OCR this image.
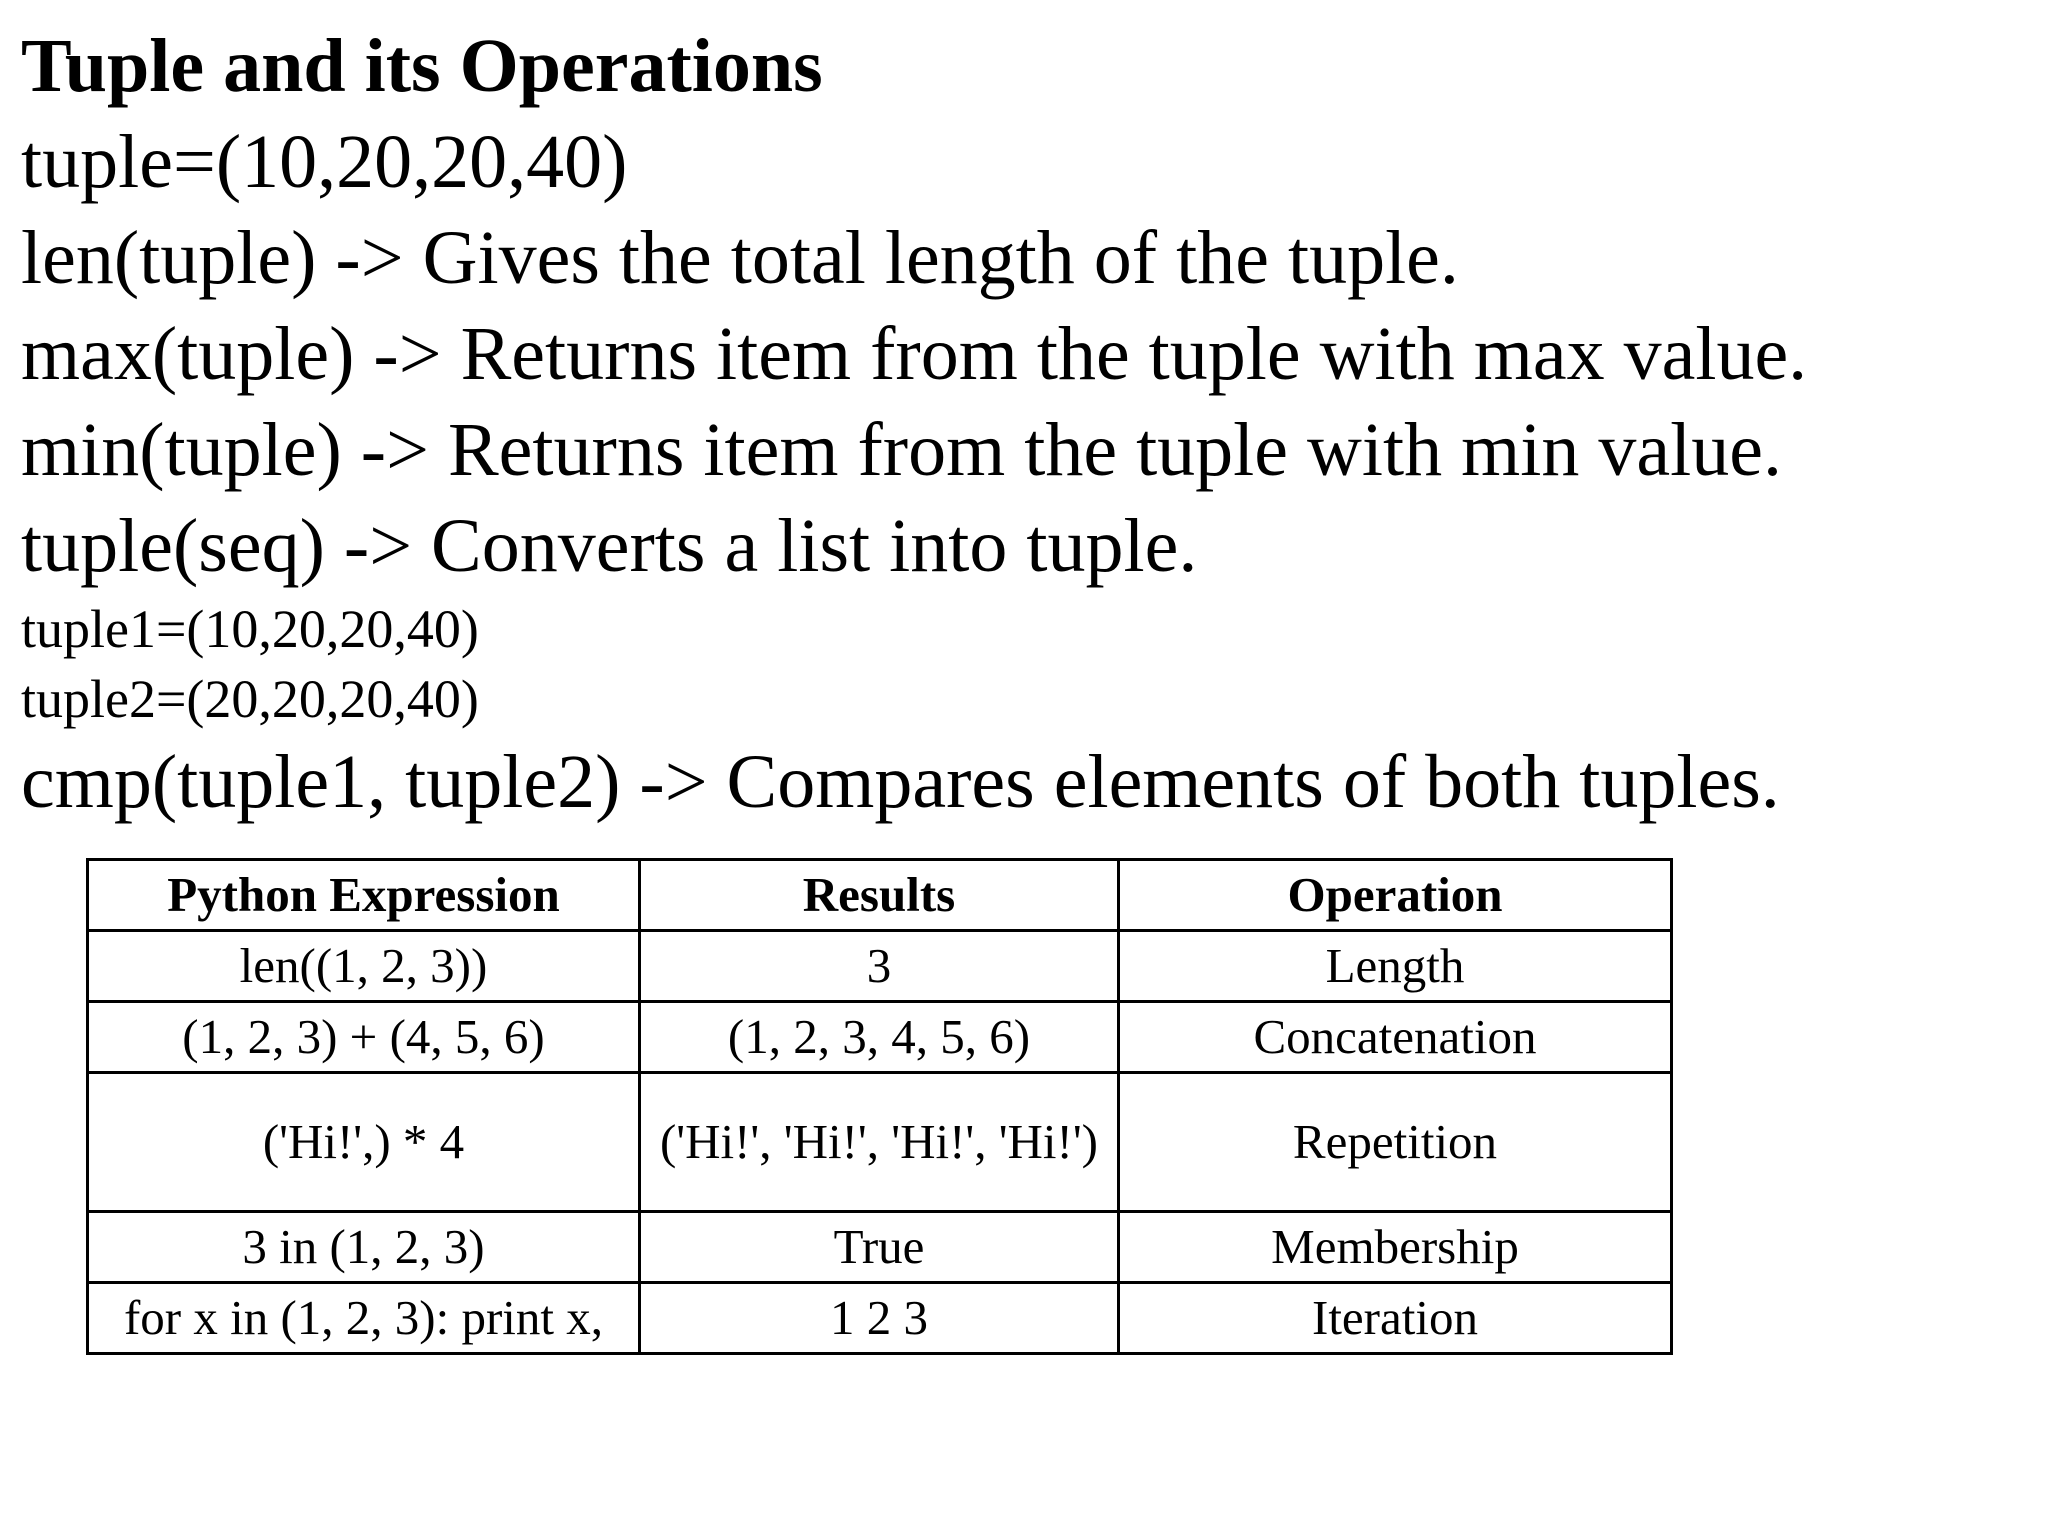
Tuple and its Operations

tuple=(10,20,20,40)

len(tuple) -> Gives the total length of the tuple.

max(tuple) -> Returns item from the tuple with max value.

min(tuple) -> Returns item from the tuple with min value.

tuple(seq) -> Converts a list into tuple.

tuple1=(10,20,20,40)

tuple2=(20,20,20,40)

cmp(tuple1, tuple2) -> Compares elements of both tuples.

Python Expression	Results	Operation
len((1, 2, 3))	3	Length
(1, 2, 3) + (4, 5, 6)	(1, 2, 3, 4, 5, 6)	Concatenation
('Hi!',) * 4	('Hi!', 'Hi!', 'Hi!', 'Hi!')	Repetition
3 in (1, 2, 3)	True	Membership
for x in (1, 2, 3): print x,	1 2 3	Iteration
